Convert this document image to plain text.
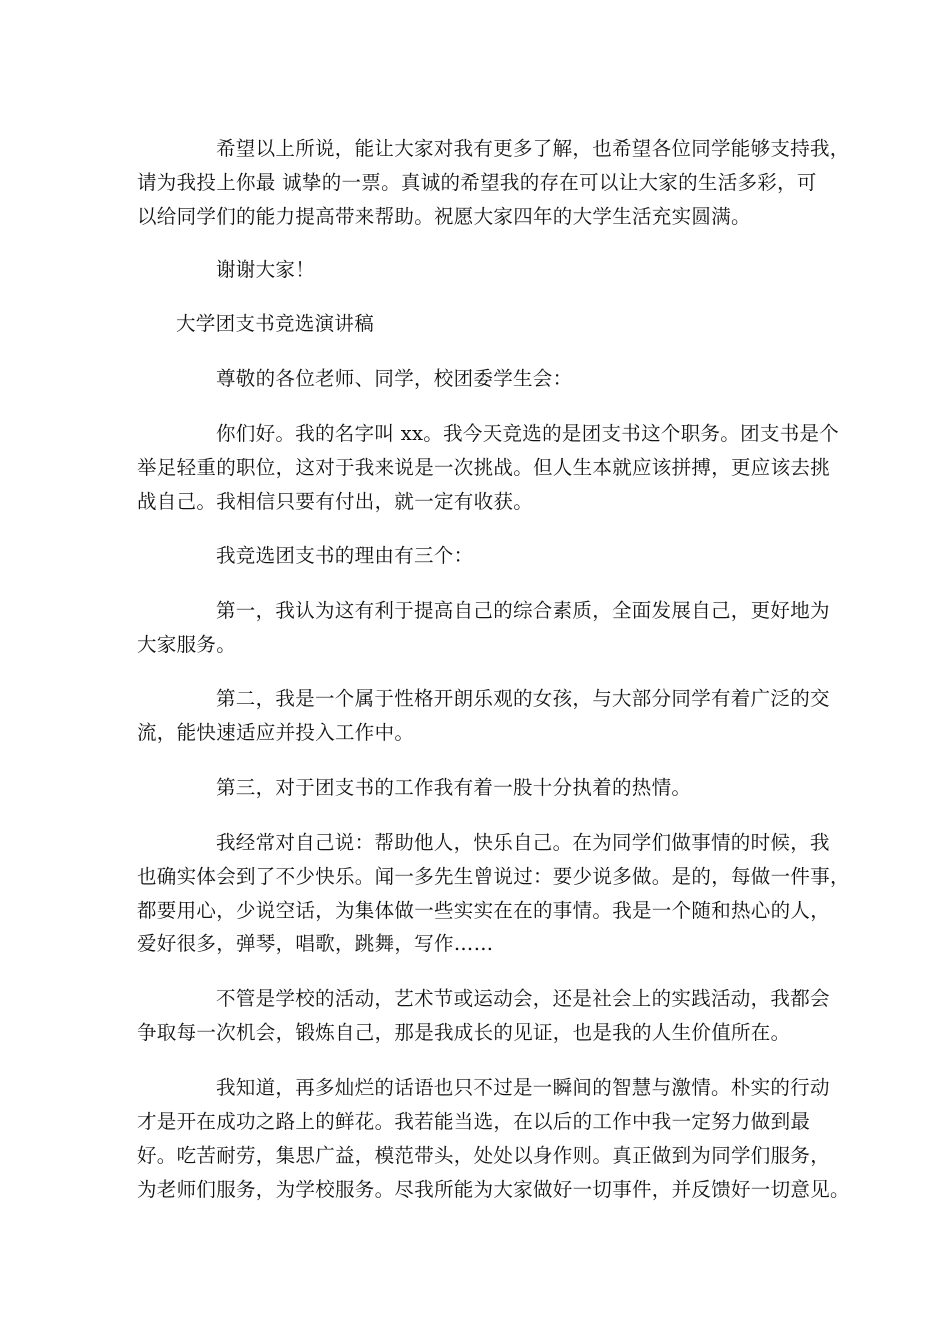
希望以上所说，能让大家对我有更多了解，也希望各位同学能够支持我，
请为我投上你最 诚挚的一票。真诚的希望我的存在可以让大家的生活多彩，可
以给同学们的能力提高带来帮助。祝愿大家四年的大学生活充实圆满。
谢谢大家！
大学团支书竞选演讲稿
尊敬的各位老师、同学，校团委学生会：
你们好。我的名字叫 xx。我今天竞选的是团支书这个职务。团支书是个
举足轻重的职位，这对于我来说是一次挑战。但人生本就应该拼搏，更应该去挑
战自己。我相信只要有付出，就一定有收获。
我竞选团支书的理由有三个：
第一，我认为这有利于提高自己的综合素质，全面发展自己，更好地为
大家服务。
第二，我是一个属于性格开朗乐观的女孩，与大部分同学有着广泛的交
流，能快速适应并投入工作中。
第三，对于团支书的工作我有着一股十分执着的热情。
我经常对自己说：帮助他人，快乐自己。在为同学们做事情的时候，我
也确实体会到了不少快乐。闻一多先生曾说过：要少说多做。是的，每做一件事，
都要用心，少说空话，为集体做一些实实在在的事情。我是一个随和热心的人，
爱好很多，弹琴，唱歌，跳舞，写作……
不管是学校的活动，艺术节或运动会，还是社会上的实践活动，我都会
争取每一次机会，锻炼自己，那是我成长的见证，也是我的人生价值所在。
我知道，再多灿烂的话语也只不过是一瞬间的智慧与激情。朴实的行动
才是开在成功之路上的鲜花。我若能当选，在以后的工作中我一定努力做到最
好。吃苦耐劳，集思广益，模范带头，处处以身作则。真正做到为同学们服务，
为老师们服务，为学校服务。尽我所能为大家做好一切事件，并反馈好一切意见。
